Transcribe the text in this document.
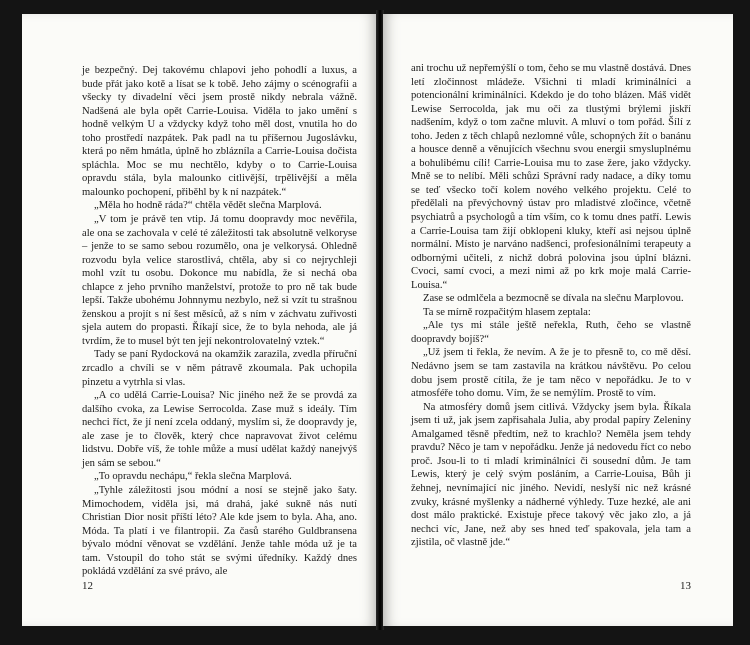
je bezpečný. Dej takovému chlapovi jeho pohodlí a luxus, a bude přát jako kotě a lísat se k tobě. Jeho zájmy o scénografii a všecky ty divadelní věci jsem prostě nikdy nebrala vážně. Nadšená ale byla opět Carrie-Louisa. Viděla to jako umění s hodně velkým U a vždycky když toho měl dost, vnutila ho do toho prostředí nazpátek. Pak padl na tu příšernou Jugoslávku, která po něm hmátla, úplně ho zblázníla a Carrie-Louisa dočista spláchla. Moc se mu nechtělo, kdyby o to Carrie-Louisa opravdu stála, byla malounko citlivější, trpělivější a měla malounko pochopení, přiběhl by k ní nazpátek.“

„Měla ho hodně ráda?“ chtěla vědět slečna Marplová.

„V tom je právě ten vtip. Já tomu doopravdy moc nevěřila, ale ona se zachovala v celé té záležitosti tak absolutně velkoryse – jenže to se samo sebou rozumělo, ona je velkorysá. Ohledně rozvodu byla velice starostlivá, chtěla, aby si co nejrychleji mohl vzít tu osobu. Dokonce mu nabídla, že si nechá oba chlapce z jeho prvního manželství, protože to pro ně tak bude lepší. Takže ubohému Johnnymu nezbylo, než si vzít tu strašnou ženskou a projít s ní šest měsíců, až s ním v záchvatu zuřivosti sjela autem do propasti. Říkají sice, že to byla nehoda, ale já tvrdím, že to musel být ten její nekontrolovatelný vztek.“

Tady se paní Rydocková na okamžik zarazila, zvedla příruční zrcadlo a chvíli se v něm pátravě zkoumala. Pak uchopila pinzetu a vytrhla si vlas.

„A co udělá Carrie-Louisa? Nic jiného než že se provdá za dalšího cvoka, za Lewise Serrocolda. Zase muž s ideály. Tím nechci říct, že jí není zcela oddaný, myslím si, že doopravdy je, ale zase je to člověk, který chce napravovat život celému lidstvu. Dobře víš, že tohle může a musí udělat každý nanejvýš jen sám se sebou.“

„To opravdu nechápu,“ řekla slečna Marplová.

„Tyhle záležitosti jsou módní a nosí se stejně jako šaty. Mimochodem, viděla jsi, má drahá, jaké sukně nás nutí Christian Dior nosit příští léto? Ale kde jsem to byla. Aha, ano. Móda. Ta platí i ve filantropii. Za časů starého Guldbransena bývalo módní věnovat se vzdělání. Jenže tahle móda už je ta tam. Vstoupil do toho stát se svými úředníky. Každý dnes pokládá vzdělání za své právo, ale

12

ani trochu už nepřemýšlí o tom, čeho se mu vlastně dostává. Dnes letí zločinnost mládeže. Všichni ti mladí kriminálníci a potencionální kriminálníci. Kdekdo je do toho blázen. Máš vidět Lewise Serrocolda, jak mu oči za tlustými brýlemi jiskří nadšením, když o tom začne mluvit. A mluví o tom pořád. Šílí z toho. Jeden z těch chlapů nezlomné vůle, schopných žít o banánu a housce denně a věnujících všechnu svou energii smysluplnému a bohulibému cíli! Carrie-Louisa mu to zase žere, jako vždycky. Mně se to nelíbí. Měli schůzi Správní rady nadace, a díky tomu se teď všecko točí kolem nového velkého projektu. Celé to předělali na převýchovný ústav pro mladistvé zločince, včetně psychiatrů a psychologů a tím vším, co k tomu dnes patří. Lewis a Carrie-Louisa tam žijí obklopeni kluky, kteří asi nejsou úplně normální. Místo je narváno nadšenci, profesionálními terapeuty a odbornými učiteli, z nichž dobrá polovina jsou úplní blázni. Cvoci, samí cvoci, a mezi nimi až po krk moje malá Carrie-Louisa.“

Zase se odmlčela a bezmocně se dívala na slečnu Marplovou.

Ta se mírně rozpačitým hlasem zeptala:

„Ale tys mi stále ještě neřekla, Ruth, čeho se vlastně doopravdy bojíš?“

„Už jsem ti řekla, že nevím. A že je to přesně to, co mě děsí. Nedávno jsem se tam zastavila na krátkou návštěvu. Po celou dobu jsem prostě cítila, že je tam něco v nepořádku. Je to v atmosféře toho domu. Vím, že se nemýlím. Prostě to vím.

Na atmosféry domů jsem citlivá. Vždycky jsem byla. Říkala jsem ti už, jak jsem zapřisahala Julia, aby prodal papíry Zeleniny Amalgamed těsně předtím, než to krachlo? Neměla jsem tehdy pravdu? Něco je tam v nepořádku. Jenže já nedovedu říct co nebo proč. Jsou-li to ti mladí kriminálníci či sousední dům. Je tam Lewis, který je celý svým posláním, a Carrie-Louisa, Bůh ji žehnej, nevnímající nic jiného. Nevidí, neslyší nic než krásné zvuky, krásné myšlenky a nádherné výhledy. Tuze hezké, ale ani dost málo praktické. Existuje přece takový věc jako zlo, a já nechci víc, Jane, než aby ses hned teď spakovala, jela tam a zjistila, oč vlastně jde.“

13
